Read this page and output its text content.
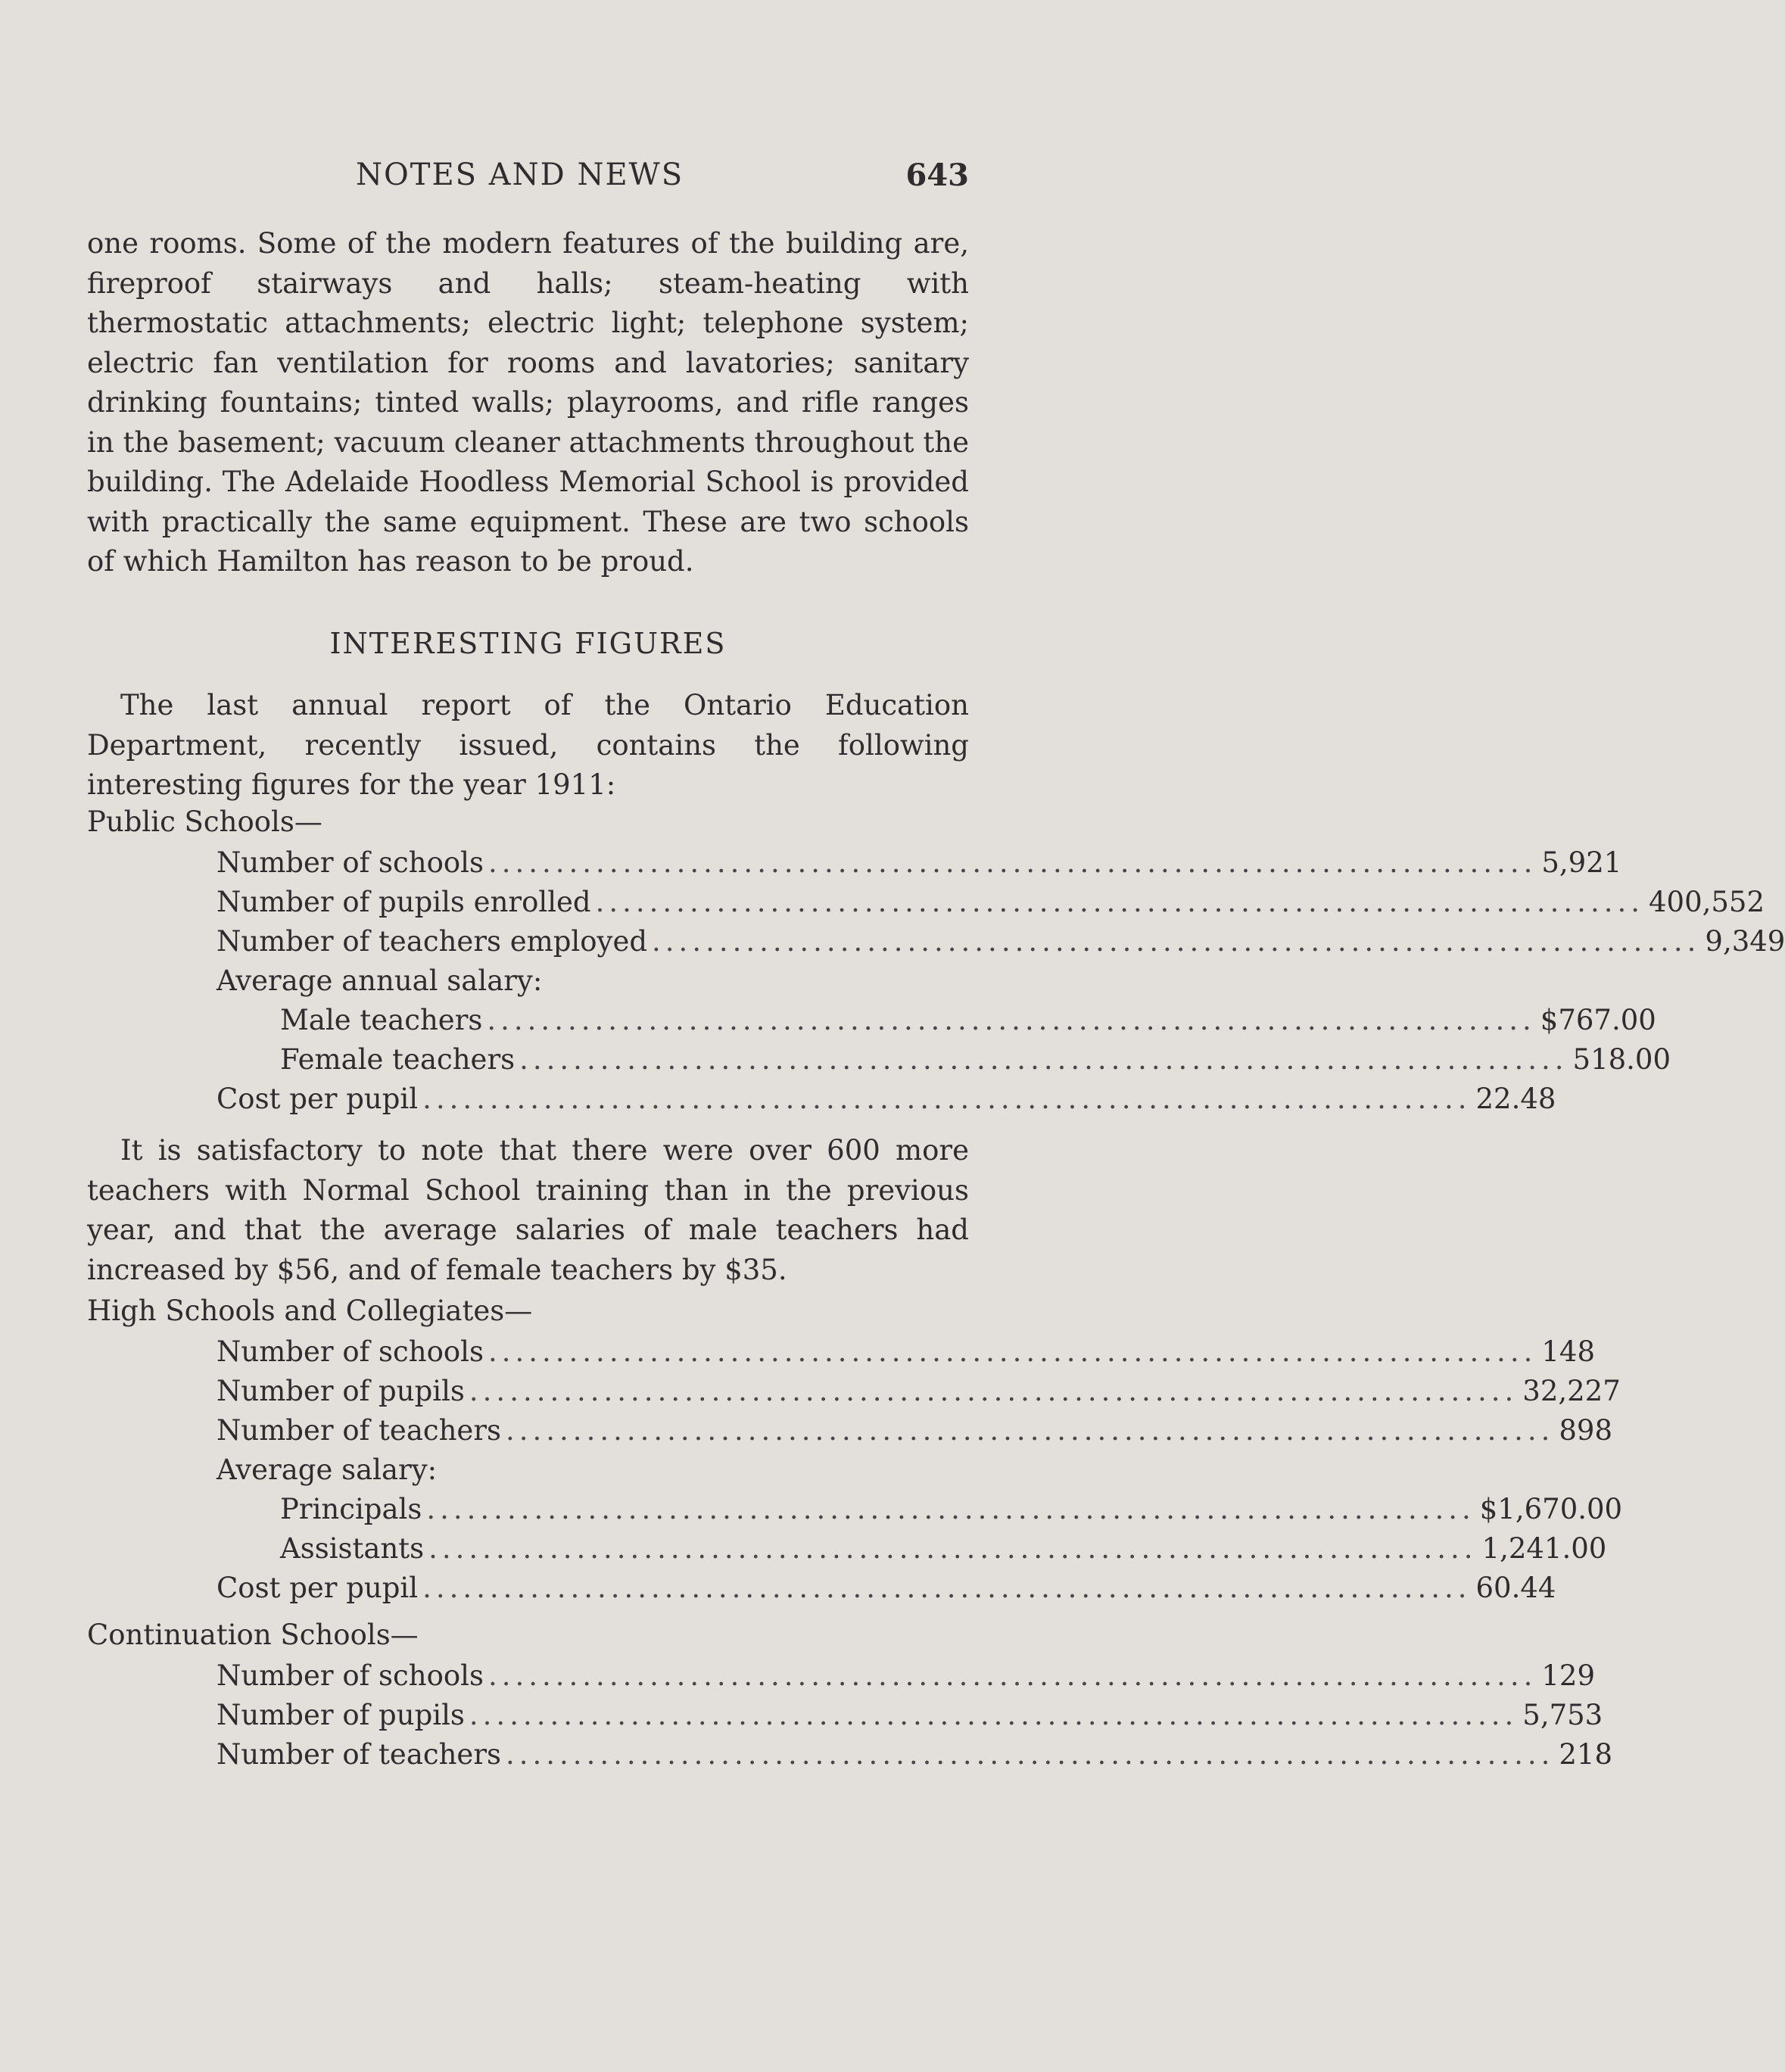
NOTES AND NEWS	643

one rooms. Some of the modern features of the building are, fireproof stairways and halls; steam-heating with thermostatic attachments; electric light; telephone system; electric fan ventilation for rooms and lavatories; sanitary drinking fountains; tinted walls; playrooms, and rifle ranges in the basement; vacuum cleaner attachments throughout the building. The Adelaide Hoodless Memorial School is provided with practically the same equipment. These are two schools of which Hamilton has reason to be proud.

INTERESTING FIGURES

The last annual report of the Ontario Education Department, recently issued, contains the following interesting figures for the year 1911:

Public Schools—
Number of schools .............................................................................. 5,921
Number of pupils enrolled .............................................................................. 400,552
Number of teachers employed .............................................................................. 9,349
Average annual salary:
Male teachers .............................................................................. $767.00
Female teachers .............................................................................. 518.00
Cost per pupil .............................................................................. 22.48

It is satisfactory to note that there were over 600 more teachers with Normal School training than in the previous year, and that the average salaries of male teachers had increased by $56, and of female teachers by $35.

High Schools and Collegiates—
Number of schools .............................................................................. 148
Number of pupils .............................................................................. 32,227
Number of teachers .............................................................................. 898
Average salary:
Principals .............................................................................. $1,670.00
Assistants .............................................................................. 1,241.00
Cost per pupil .............................................................................. 60.44
Continuation Schools—
Number of schools .............................................................................. 129
Number of pupils .............................................................................. 5,753
Number of teachers .............................................................................. 218
